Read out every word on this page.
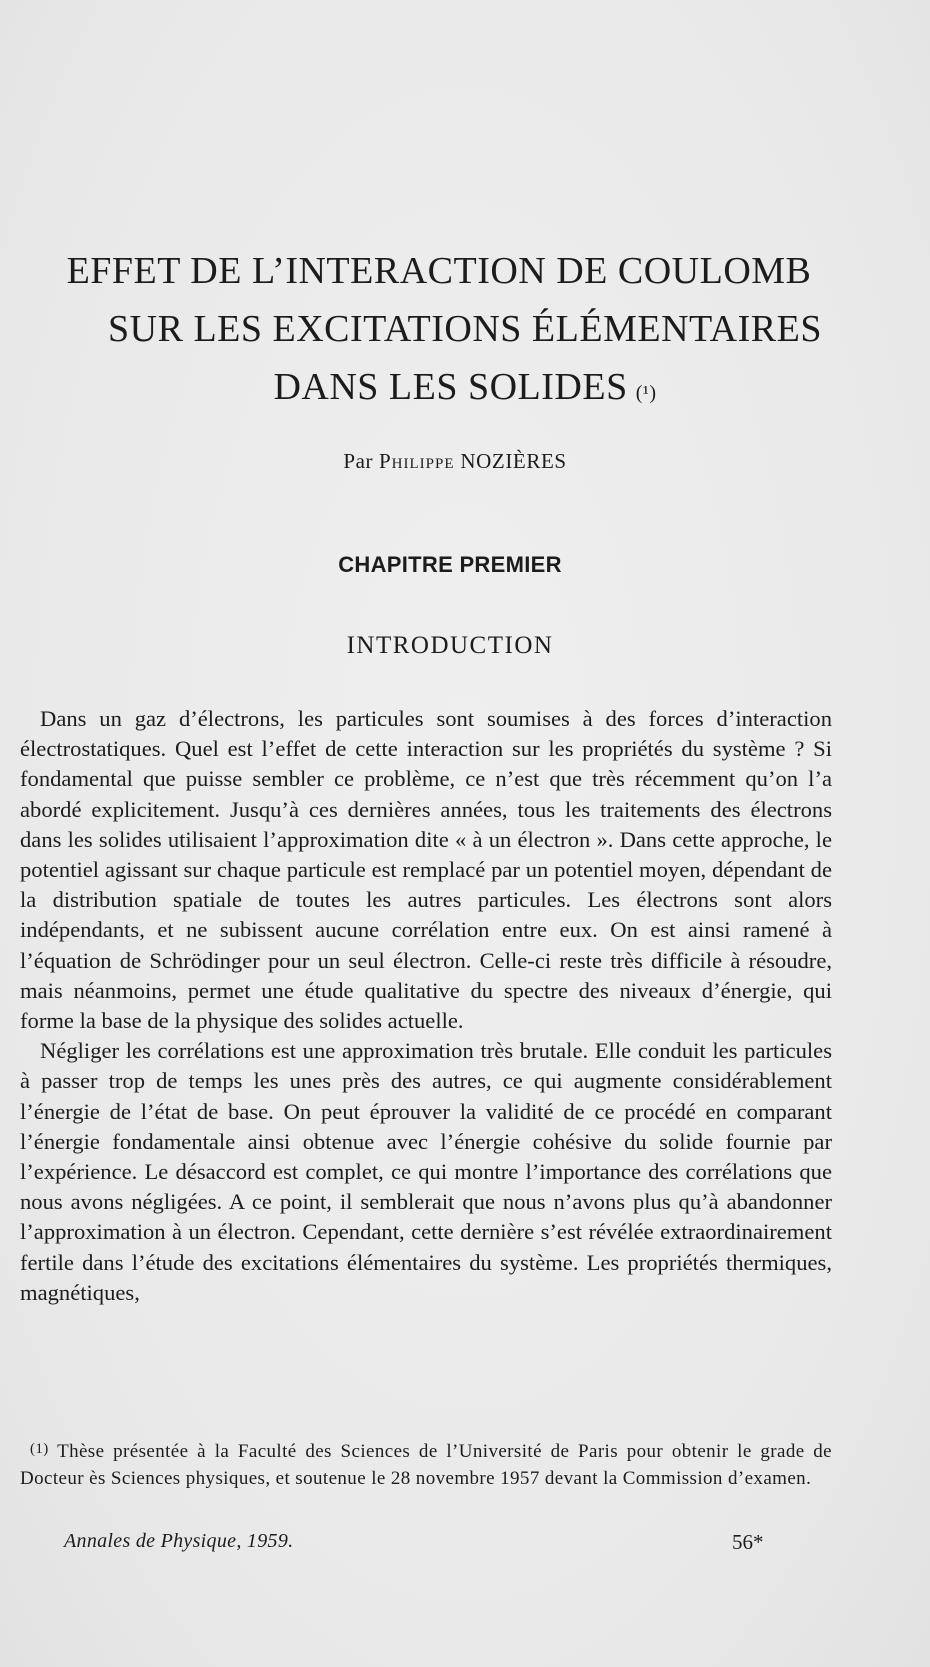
EFFET DE L’INTERACTION DE COULOMB
SUR LES EXCITATIONS ÉLÉMENTAIRES
DANS LES SOLIDES $^{(^1)}$
Par Philippe NOZIÈRES
CHAPITRE PREMIER
INTRODUCTION

Dans un gaz d’électrons, les particules sont soumises à des forces d’interaction électrostatiques. Quel est l’effet de cette interaction sur les propriétés du système ? Si fondamental que puisse sembler ce problème, ce n’est que très récemment qu’on l’a abordé explicitement. Jusqu’à ces dernières années, tous les traitements des électrons dans les solides utilisaient l’approximation dite « à un électron ». Dans cette approche, le potentiel agissant sur chaque particule est remplacé par un potentiel moyen, dépendant de la distribution spatiale de toutes les autres particules. Les électrons sont alors indépendants, et ne subissent aucune corrélation entre eux. On est ainsi ramené à l’équation de Schrödinger pour un seul électron. Celle-ci reste très difficile à résoudre, mais néanmoins, permet une étude qualitative du spectre des niveaux d’énergie, qui forme la base de la physique des solides actuelle.

Négliger les corrélations est une approximation très brutale. Elle conduit les particules à passer trop de temps les unes près des autres, ce qui augmente considérablement l’énergie de l’état de base. On peut éprouver la validité de ce procédé en comparant l’énergie fondamentale ainsi obtenue avec l’énergie cohésive du solide fournie par l’expérience. Le désaccord est complet, ce qui montre l’importance des corrélations que nous avons négligées. A ce point, il semblerait que nous n’avons plus qu’à abandonner l’approximation à un électron. Cependant, cette dernière s’est révélée extraordinairement fertile dans l’étude des excitations élémentaires du système. Les propriétés thermiques, magnétiques,

$^{(1)}$ Thèse présentée à la Faculté des Sciences de l’Université de Paris pour obtenir le grade de Docteur ès Sciences physiques, et soutenue le 28 novembre 1957 devant la Commission d’examen.

Annales de Physique, 1959.	56*
